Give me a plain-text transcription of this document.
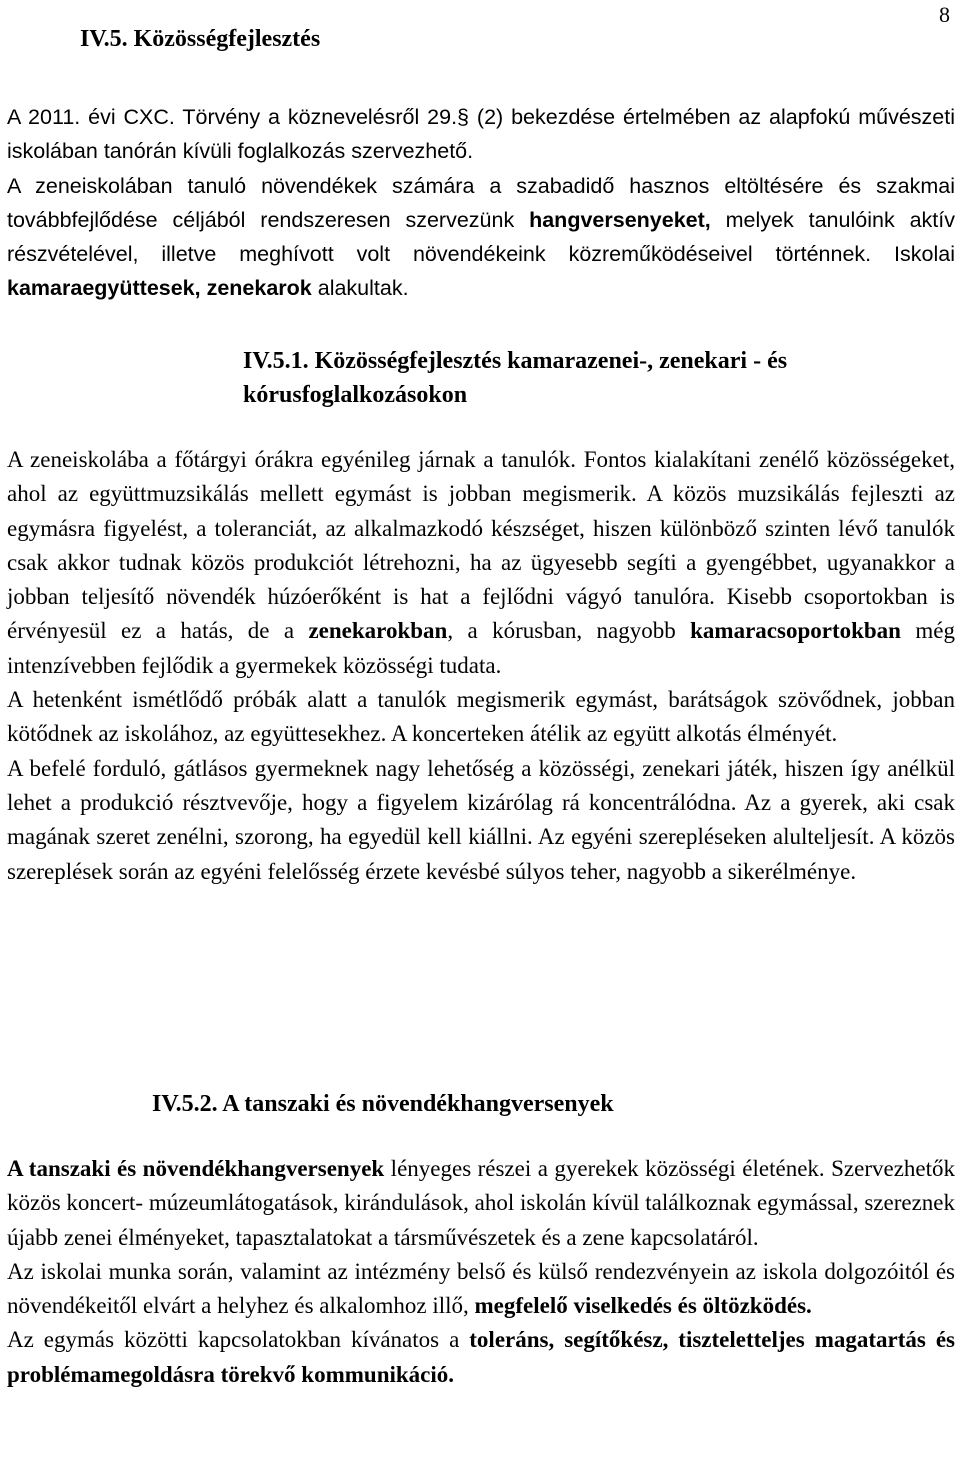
8
IV.5. Közösségfejlesztés
A 2011. évi CXC. Törvény a köznevelésről 29.§ (2) bekezdése értelmében az alapfokú művészeti iskolában tanórán kívüli foglalkozás szervezhető.
A zeneiskolában tanuló növendékek számára a szabadidő hasznos eltöltésére és szakmai továbbfejlődése céljából rendszeresen szervezünk hangversenyeket, melyek tanulóink aktív részvételével, illetve meghívott volt növendékeink közreműködéseivel történnek. Iskolai kamaraegyüttesek, zenekarok alakultak.
IV.5.1. Közösségfejlesztés kamarazenei-, zenekari - és
kórusfoglalkozásokon
A zeneiskolába a főtárgyi órákra egyénileg járnak a tanulók. Fontos kialakítani zenélő közösségeket, ahol az együttmuzsikálás mellett egymást is jobban megismerik. A közös muzsikálás fejleszti az egymásra figyelést, a toleranciát, az alkalmazkodó készséget, hiszen különböző szinten lévő tanulók csak akkor tudnak közös produkciót létrehozni, ha az ügyesebb segíti a gyengébbet, ugyanakkor a jobban teljesítő növendék húzóerőként is hat a fejlődni vágyó tanulóra. Kisebb csoportokban is érvényesül ez a hatás, de a zenekarokban, a kórusban, nagyobb kamaracsoportokban még intenzívebben fejlődik a gyermekek közösségi tudata.
A hetenként ismétlődő próbák alatt a tanulók megismerik egymást, barátságok szövődnek, jobban kötődnek az iskolához, az együttesekhez. A koncerteken átélik az együtt alkotás élményét.
A befelé forduló, gátlásos gyermeknek nagy lehetőség a közösségi, zenekari játék, hiszen így anélkül lehet a produkció résztvevője, hogy a figyelem kizárólag rá koncentrálódna. Az a gyerek, aki csak magának szeret zenélni, szorong, ha egyedül kell kiállni. Az egyéni szerepléseken alulteljesít. A közös szereplések során az egyéni felelősség érzete kevésbé súlyos teher, nagyobb a sikerélménye.
IV.5.2. A tanszaki és növendékhangversenyek
A tanszaki és növendékhangversenyek lényeges részei a gyerekek közösségi életének. Szervezhetők közös koncert- múzeumlátogatások, kirándulások, ahol iskolán kívül találkoznak egymással, szereznek újabb zenei élményeket, tapasztalatokat a társművészetek és a zene kapcsolatáról.
Az iskolai munka során, valamint az intézmény belső és külső rendezvényein az iskola dolgozóitól és növendékeitől elvárt a helyhez és alkalomhoz illő, megfelelő viselkedés és öltözködés.
Az egymás közötti kapcsolatokban kívánatos a toleráns, segítőkész, tiszteletteljes magatartás és problémamegoldásra törekvő kommunikáció.
